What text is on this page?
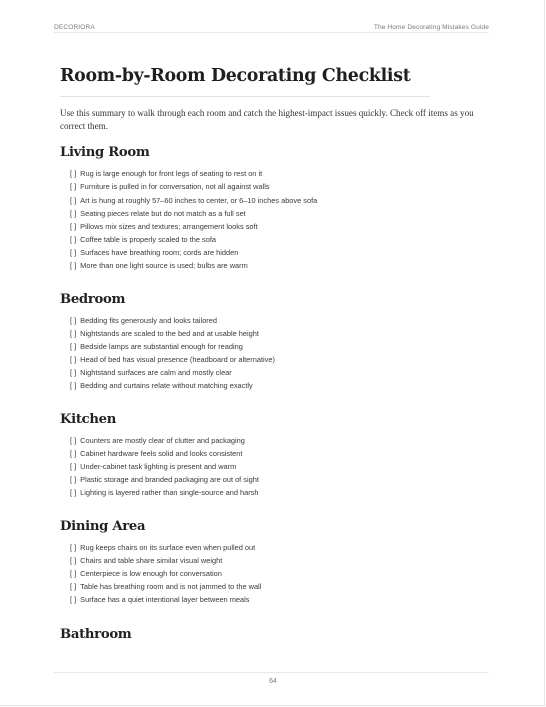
DECORIORA	The Home Decorating Mistakes Guide
Room-by-Room Decorating Checklist

Use this summary to walk through each room and catch the highest-impact issues quickly. Check off items as you correct them.

Living Room
[ ] Rug is large enough for front legs of seating to rest on it
[ ] Furniture is pulled in for conversation, not all against walls
[ ] Art is hung at roughly 57–60 inches to center, or 6–10 inches above sofa
[ ] Seating pieces relate but do not match as a full set
[ ] Pillows mix sizes and textures; arrangement looks soft
[ ] Coffee table is properly scaled to the sofa
[ ] Surfaces have breathing room; cords are hidden
[ ] More than one light source is used; bulbs are warm
Bedroom
[ ] Bedding fits generously and looks tailored
[ ] Nightstands are scaled to the bed and at usable height
[ ] Bedside lamps are substantial enough for reading
[ ] Head of bed has visual presence (headboard or alternative)
[ ] Nightstand surfaces are calm and mostly clear
[ ] Bedding and curtains relate without matching exactly
Kitchen
[ ] Counters are mostly clear of clutter and packaging
[ ] Cabinet hardware feels solid and looks consistent
[ ] Under-cabinet task lighting is present and warm
[ ] Plastic storage and branded packaging are out of sight
[ ] Lighting is layered rather than single-source and harsh
Dining Area
[ ] Rug keeps chairs on its surface even when pulled out
[ ] Chairs and table share similar visual weight
[ ] Centerpiece is low enough for conversation
[ ] Table has breathing room and is not jammed to the wall
[ ] Surface has a quiet intentional layer between meals
Bathroom
64
